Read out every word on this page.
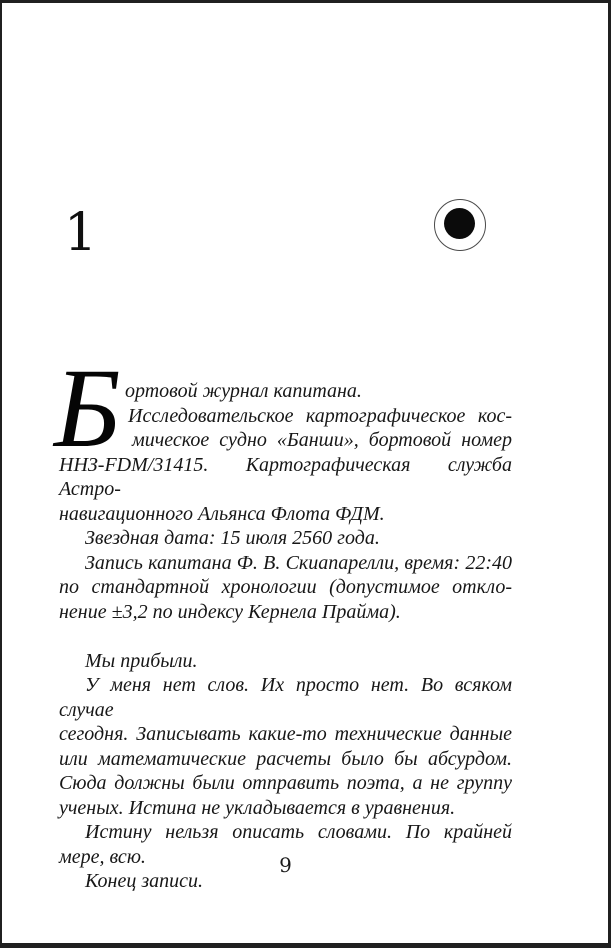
1
Б ортовой журнал капитана.
Исследовательское картографическое кос-
мическое судно «Банши», бортовой номер
ННЗ-FDM/31415. Картографическая служба Астро-
навигационного Альянса Флота ФДМ.
Звездная дата: 15 июля 2560 года.
Запись капитана Ф. В. Скиапарелли, время: 22:40
по стандартной хронологии (допустимое откло-
нение ±3,2 по индексу Кернела Прайма).
Мы прибыли.
У меня нет слов. Их просто нет. Во всяком случае
сегодня. Записывать какие-то технические данные
или математические расчеты было бы абсурдом.
Сюда должны были отправить поэта, а не группу
ученых. Истина не укладывается в уравнения.
Истину нельзя описать словами. По крайней
мере, всю.
Конец записи.
9
